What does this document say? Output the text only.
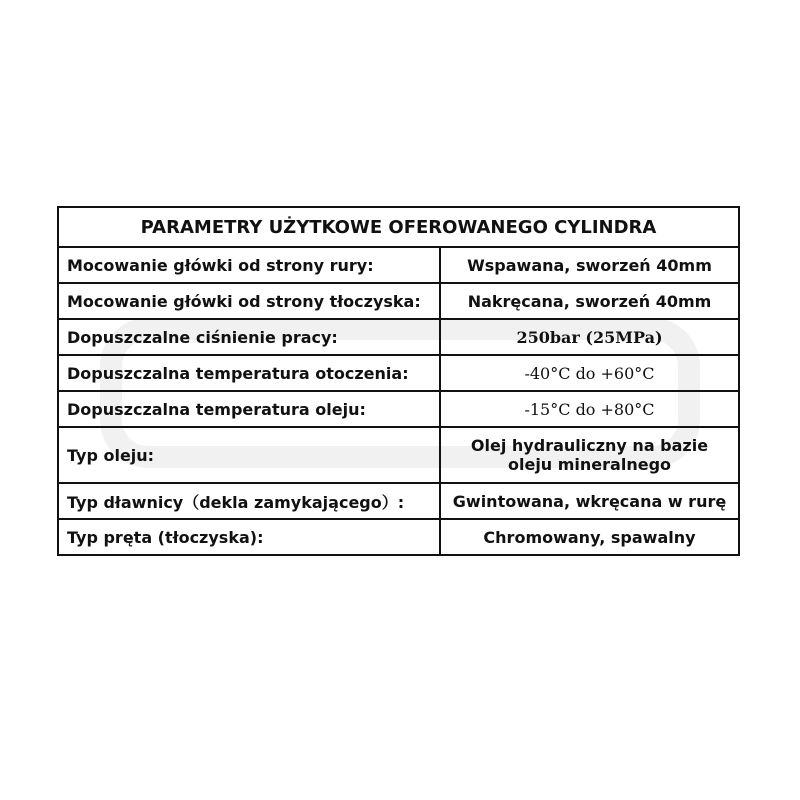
PARAMETRY UŻYTKOWE OFEROWANEGO CYLINDRA	
Mocowanie główki od strony rury:	Wspawana, sworzeń 40mm
Mocowanie główki od strony tłoczyska:	Nakręcana, sworzeń 40mm
Dopuszczalne ciśnienie pracy:	250bar (25MPa)
Dopuszczalna temperatura otoczenia:	-40°C do +60°C
Dopuszczalna temperatura oleju:	-15°C do +80°C
Typ oleju:	Olej hydrauliczny na bazie oleju mineralnego
Typ dławnicy（dekla zamykającego）:	Gwintowana, wkręcana w rurę
Typ pręta (tłoczyska):	Chromowany, spawalny
